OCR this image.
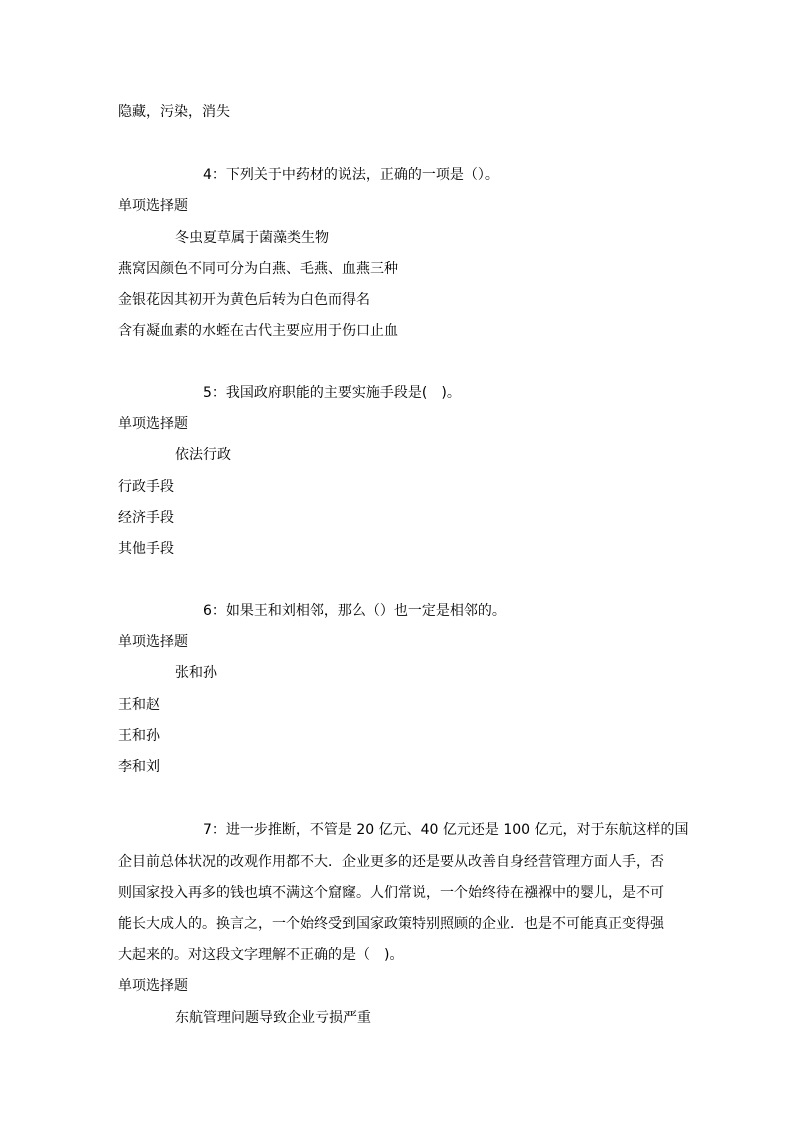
隐藏，污染，消失
4：下列关于中药材的说法，正确的一项是（）。
单项选择题
冬虫夏草属于菌藻类生物
燕窝因颜色不同可分为白燕、毛燕、血燕三种
金银花因其初开为黄色后转为白色而得名
含有凝血素的水蛭在古代主要应用于伤口止血
5：我国政府职能的主要实施手段是(　)。
单项选择题
依法行政
行政手段
经济手段
其他手段
6：如果王和刘相邻，那么（）也一定是相邻的。
单项选择题
张和孙
王和赵
王和孙
李和刘
7：进一步推断，不管是 20 亿元、40 亿元还是 100 亿元，对于东航这样的国
企目前总体状况的改观作用都不大．企业更多的还是要从改善自身经营管理方面人手，否
则国家投入再多的钱也填不满这个窟窿。人们常说，一个始终待在襁褓中的婴儿，是不可
能长大成人的。换言之，一个始终受到国家政策特别照顾的企业．也是不可能真正变得强
大起来的。对这段文字理解不正确的是（　)。
单项选择题
东航管理问题导致企业亏损严重
